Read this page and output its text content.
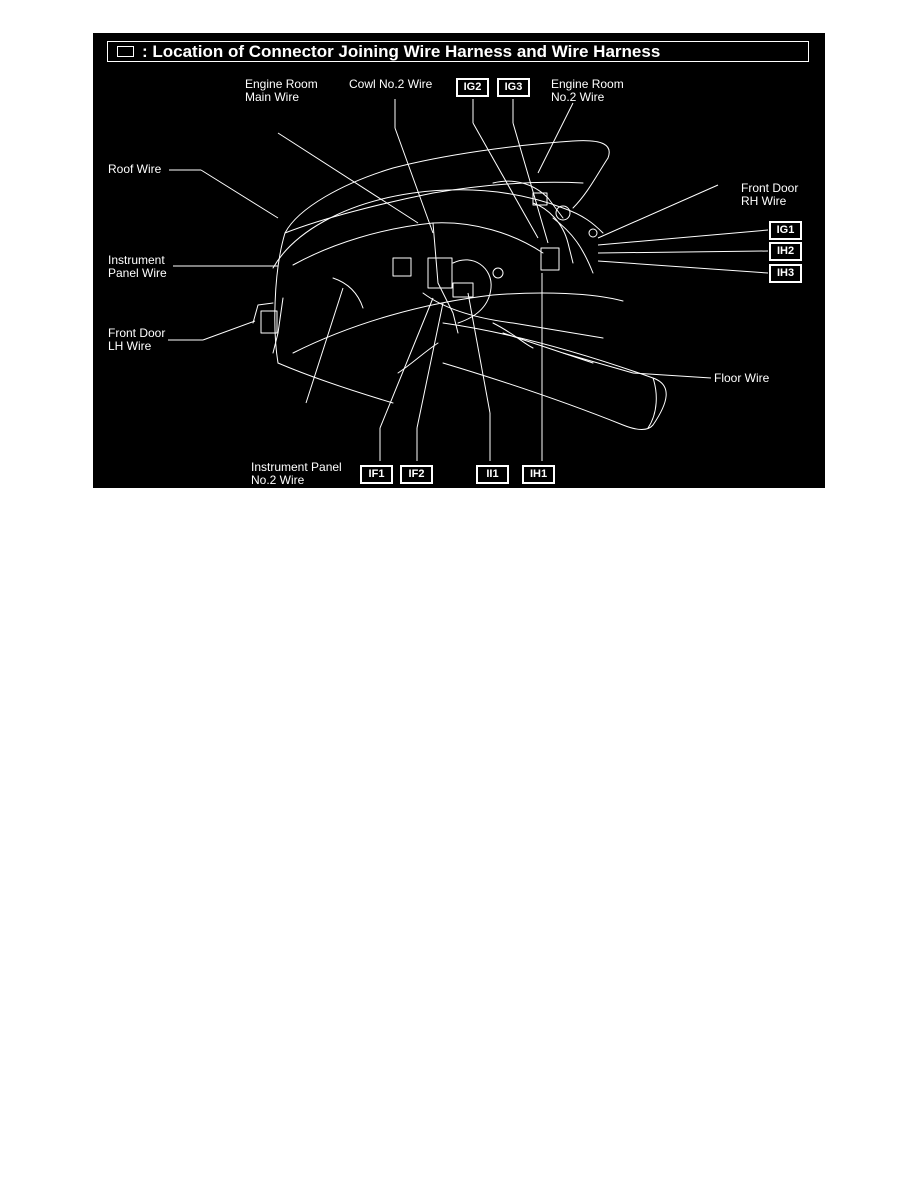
: Location of Connector Joining Wire Harness and Wire Harness
Engine Room
Main Wire
Cowl No.2 Wire	IG2	IG3	Engine Room
No.2 Wire
Roof Wire
Front Door
RH Wire
IG1
IH2
IH3
Instrument
Panel Wire
Front Door
LH Wire
Floor Wire
Instrument Panel
No.2 Wire	IF1	IF2	II1	IH1
